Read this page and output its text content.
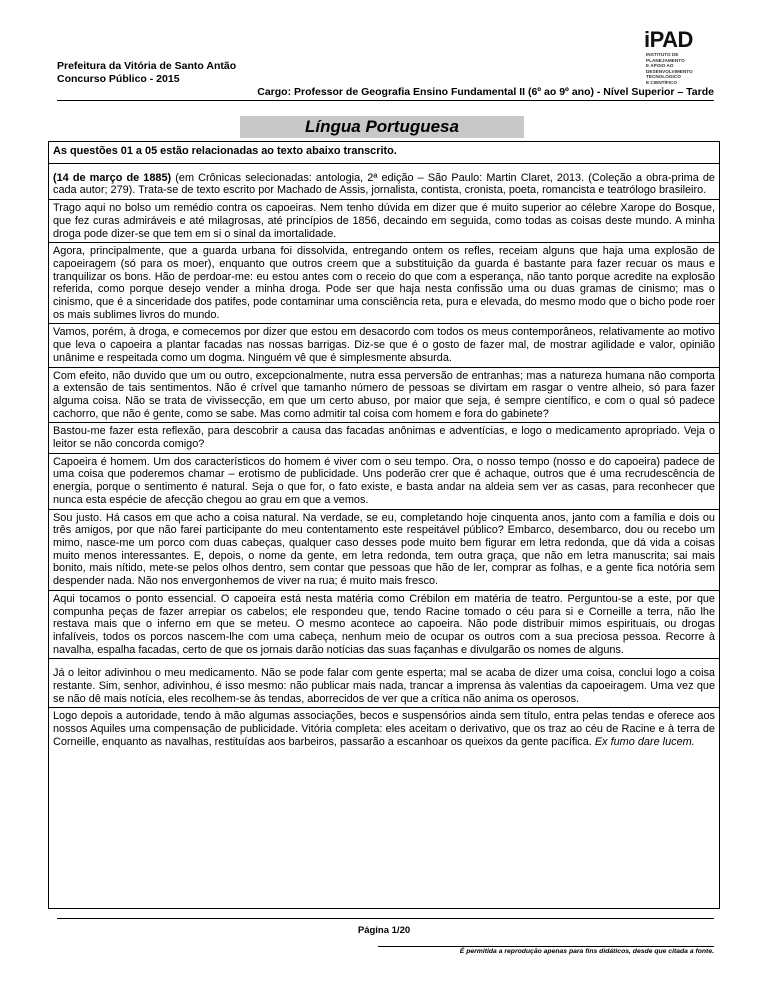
Prefeitura da Vitória de Santo Antão
Concurso Público - 2015
iPAD
INSTITUTO DE
PLANEJAMENTO
E APOIO AO
DESENVOLVIMENTO
TECNOLÓGICO
E CIENTÍFICO
Cargo: Professor de Geografia Ensino Fundamental II (6º ao 9º ano) - Nível Superior – Tarde
Língua Portuguesa
As questões 01 a 05 estão relacionadas ao texto abaixo transcrito.
(14 de março de 1885) (em Crônicas selecionadas: antologia, 2ª edição – São Paulo: Martin Claret, 2013. (Coleção a obra-prima de cada autor; 279). Trata-se de texto escrito por Machado de Assis, jornalista, contista, cronista, poeta, romancista e teatrólogo brasileiro.
Trago aqui no bolso um remédio contra os capoeiras. Nem tenho dúvida em dizer que é muito superior ao célebre Xarope do Bosque, que fez curas admiráveis e até milagrosas, até princípios de 1856, decaindo em seguida, como todas as coisas deste mundo. A minha droga pode dizer-se que tem em si o sinal da imortalidade.
Agora, principalmente, que a guarda urbana foi dissolvida, entregando ontem os refles, receiam alguns que haja uma explosão de capoeiragem (só para os moer), enquanto que outros creem que a substituição da guarda é bastante para fazer recuar os maus e tranquilizar os bons. Hão de perdoar-me: eu estou antes com o receio do que com a esperança, não tanto porque acredite na explosão referida, como porque desejo vender a minha droga. Pode ser que haja nesta confissão uma ou duas gramas de cinismo; mas o cinismo, que é a sinceridade dos patifes, pode contaminar uma consciência reta, pura e elevada, do mesmo modo que o bicho pode roer os mais sublimes livros do mundo.
Vamos, porém, à droga, e comecemos por dizer que estou em desacordo com todos os meus contemporâneos, relativamente ao motivo que leva o capoeira a plantar facadas nas nossas barrigas. Diz-se que é o gosto de fazer mal, de mostrar agilidade e valor, opinião unânime e respeitada como um dogma. Ninguém vê que é simplesmente absurda.
Com efeito, não duvido que um ou outro, excepcionalmente, nutra essa perversão de entranhas; mas a natureza humana não comporta a extensão de tais sentimentos. Não é crível que tamanho número de pessoas se divirtam em rasgar o ventre alheio, só para fazer alguma coisa. Não se trata de vivissecção, em que um certo abuso, por maior que seja, é sempre científico, e com o qual só padece cachorro, que não é gente, como se sabe. Mas como admitir tal coisa com homem e fora do gabinete?
Bastou-me fazer esta reflexão, para descobrir a causa das facadas anônimas e adventícias, e logo o medicamento apropriado. Veja o leitor se não concorda comigo?
Capoeira é homem. Um dos característicos do homem é viver com o seu tempo. Ora, o nosso tempo (nosso e do capoeira) padece de uma coisa que poderemos chamar – erotismo de publicidade. Uns poderão crer que é achaque, outros que é uma recrudescência de energia, porque o sentimento é natural. Seja o que for, o fato existe, e basta andar na aldeia sem ver as casas, para reconhecer que nunca esta espécie de afecção chegou ao grau em que a vemos.
Sou justo. Há casos em que acho a coisa natural. Na verdade, se eu, completando hoje cinquenta anos, janto com a família e dois ou três amigos, por que não farei participante do meu contentamento este respeitável público? Embarco, desembarco, dou ou recebo um mimo, nasce-me um porco com duas cabeças, qualquer caso desses pode muito bem figurar em letra redonda, que dá vida a coisas muito menos interessantes. E, depois, o nome da gente, em letra redonda, tem outra graça, que não em letra manuscrita; sai mais bonito, mais nítido, mete-se pelos olhos dentro, sem contar que pessoas que hão de ler, comprar as folhas, e a gente fica notória sem despender nada. Não nos envergonhemos de viver na rua; é muito mais fresco.
Aqui tocamos o ponto essencial. O capoeira está nesta matéria como Crébilon em matéria de teatro. Perguntou-se a este, por que compunha peças de fazer arrepiar os cabelos; ele respondeu que, tendo Racine tomado o céu para si e Corneille a terra, não lhe restava mais que o inferno em que se meteu. O mesmo acontece ao capoeira. Não pode distribuir mimos espirituais, ou drogas infalíveis, todos os porcos nascem-lhe com uma cabeça, nenhum meio de ocupar os outros com a sua preciosa pessoa. Recorre à navalha, espalha facadas, certo de que os jornais darão notícias das suas façanhas e divulgarão os nomes de alguns.
Já o leitor adivinhou o meu medicamento. Não se pode falar com gente esperta; mal se acaba de dizer uma coisa, conclui logo a coisa restante. Sim, senhor, adivinhou, é isso mesmo: não publicar mais nada, trancar a imprensa às valentias da capoeiragem. Uma vez que se não dê mais notícia, eles recolhem-se às tendas, aborrecidos de ver que a crítica não anima os operosos.
Logo depois a autoridade, tendo à mão algumas associações, becos e suspensórios ainda sem título, entra pelas tendas e oferece aos nossos Aquiles uma compensação de publicidade. Vitória completa: eles aceitam o derivativo, que os traz ao céu de Racine e à terra de Corneille, enquanto as navalhas, restituídas aos barbeiros, passarão a escanhoar os queixos da gente pacífica. Ex fumo dare lucem.
Página 1/20
É permitida a reprodução apenas para fins didáticos, desde que citada a fonte.
